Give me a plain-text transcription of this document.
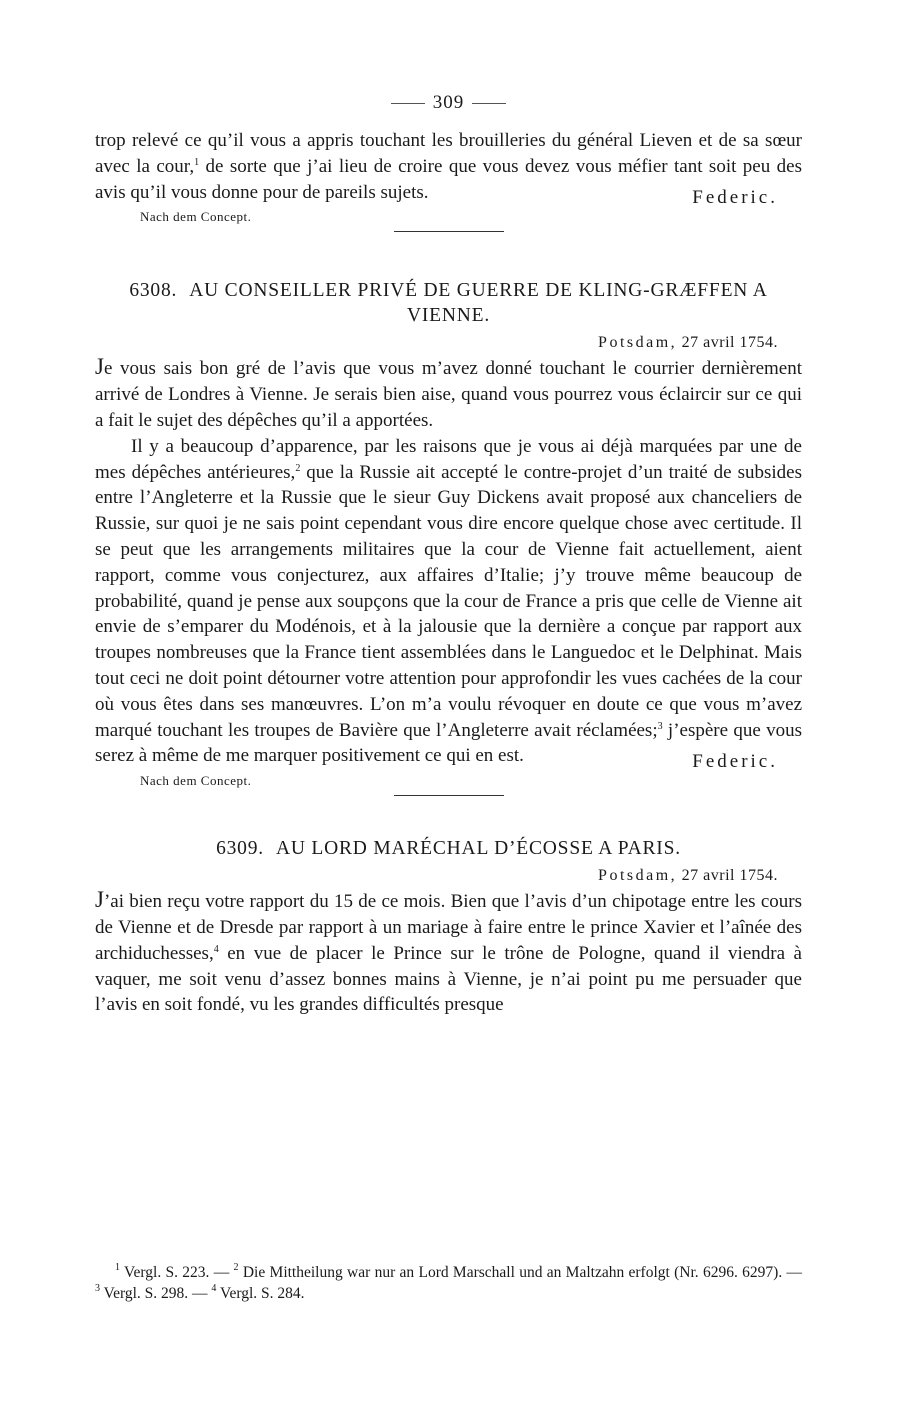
309

trop relevé ce qu’il vous a appris touchant les brouilleries du général Lieven et de sa sœur avec la cour,$^1$ de sorte que j’ai lieu de croire que vous devez vous méfier tant soit peu des avis qu’il vous donne pour de pareils sujets.	Federic.
Nach dem Concept.

6308. AU CONSEILLER PRIVÉ DE GUERRE DE KLING-GRÆFFEN A VIENNE.

Potsdam, 27 avril 1754.

Je vous sais bon gré de l’avis que vous m’avez donné touchant le courrier dernièrement arrivé de Londres à Vienne. Je serais bien aise, quand vous pourrez vous éclaircir sur ce qui a fait le sujet des dépêches qu’il a apportées.

Il y a beaucoup d’apparence, par les raisons que je vous ai déjà marquées par une de mes dépêches antérieures,$^2$ que la Russie ait accepté le contre-projet d’un traité de subsides entre l’Angleterre et la Russie que le sieur Guy Dickens avait proposé aux chanceliers de Russie, sur quoi je ne sais point cependant vous dire encore quelque chose avec certitude. Il se peut que les arrangements militaires que la cour de Vienne fait actuellement, aient rapport, comme vous conjecturez, aux affaires d’Italie; j’y trouve même beaucoup de probabilité, quand je pense aux soupçons que la cour de France a pris que celle de Vienne ait envie de s’emparer du Modénois, et à la jalousie que la dernière a conçue par rapport aux troupes nombreuses que la France tient assemblées dans le Languedoc et le Delphinat. Mais tout ceci ne doit point détourner votre attention pour approfondir les vues cachées de la cour où vous êtes dans ses manœuvres. L’on m’a voulu révoquer en doute ce que vous m’avez marqué touchant les troupes de Bavière que l’Angleterre avait réclamées;$^3$ j’espère que vous serez à même de me marquer positivement ce qui en est.	Federic.
Nach dem Concept.

6309. AU LORD MARÉCHAL D’ÉCOSSE A PARIS.

Potsdam, 27 avril 1754.

J’ai bien reçu votre rapport du 15 de ce mois. Bien que l’avis d’un chipotage entre les cours de Vienne et de Dresde par rapport à un mariage à faire entre le prince Xavier et l’aînée des archiduchesses,$^4$ en vue de placer le Prince sur le trône de Pologne, quand il viendra à vaquer, me soit venu d’assez bonnes mains à Vienne, je n’ai point pu me persuader que l’avis en soit fondé, vu les grandes difficultés presque

$^1$ Vergl. S. 223. — $^2$ Die Mittheilung war nur an Lord Marschall und an Maltzahn erfolgt (Nr. 6296. 6297). — $^3$ Vergl. S. 298. — $^4$ Vergl. S. 284.
